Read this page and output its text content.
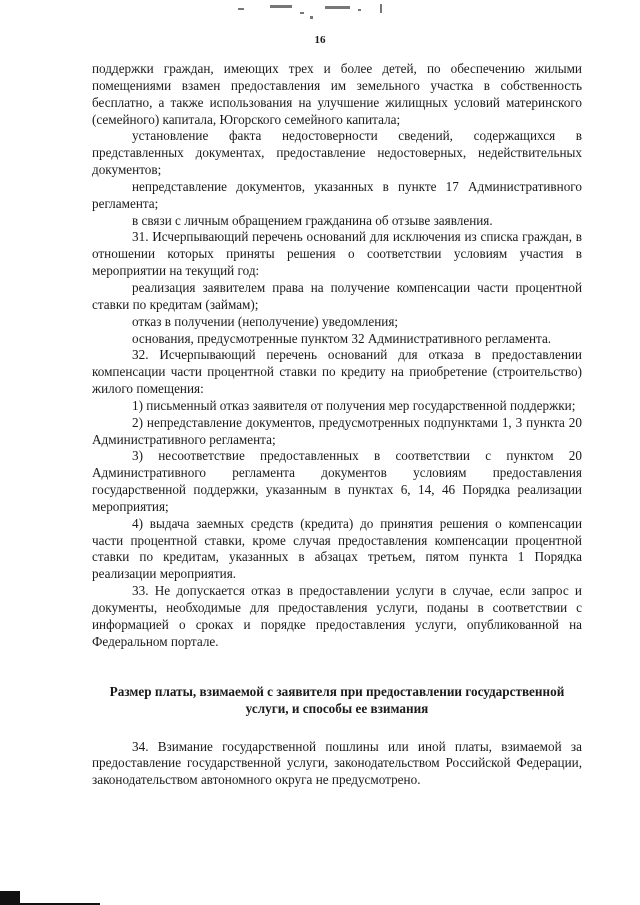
16

поддержки граждан, имеющих трех и более детей, по обеспечению жилыми помещениями взамен предоставления им земельного участка в собственность бесплатно, а также использования на улучшение жилищных условий материнского (семейного) капитала, Югорского семейного капитала;

установление факта недостоверности сведений, содержащихся в представленных документах, предоставление недостоверных, недействительных документов;

непредставление документов, указанных в пункте 17 Административного регламента;

в связи с личным обращением гражданина об отзыве заявления.

31. Исчерпывающий перечень оснований для исключения из списка граждан, в отношении которых приняты решения о соответствии условиям участия в мероприятии на текущий год:

реализация заявителем права на получение компенсации части процентной ставки по кредитам (займам);

отказ в получении (неполучение) уведомления;

основания, предусмотренные пунктом 32 Административного регламента.

32. Исчерпывающий перечень оснований для отказа в предоставлении компенсации части процентной ставки по кредиту на приобретение (строительство) жилого помещения:

1) письменный отказ заявителя от получения мер государственной поддержки;

2) непредставление документов, предусмотренных подпунктами 1, 3 пункта 20 Административного регламента;

3) несоответствие предоставленных в соответствии с пунктом 20 Административного регламента документов условиям предоставления государственной поддержки, указанным в пунктах 6, 14, 46 Порядка реализации мероприятия;

4) выдача заемных средств (кредита) до принятия решения о компенсации части процентной ставки, кроме случая предоставления компенсации процентной ставки по кредитам, указанных в абзацах третьем, пятом пункта 1 Порядка реализации мероприятия.

33. Не допускается отказ в предоставлении услуги в случае, если запрос и документы, необходимые для предоставления услуги, поданы в соответствии с информацией о сроках и порядке предоставления услуги, опубликованной на Федеральном портале.

Размер платы, взимаемой с заявителя при предоставлении государственной услуги, и способы ее взимания

34. Взимание государственной пошлины или иной платы, взимаемой за предоставление государственной услуги, законодательством Российской Федерации, законодательством автономного округа не предусмотрено.
